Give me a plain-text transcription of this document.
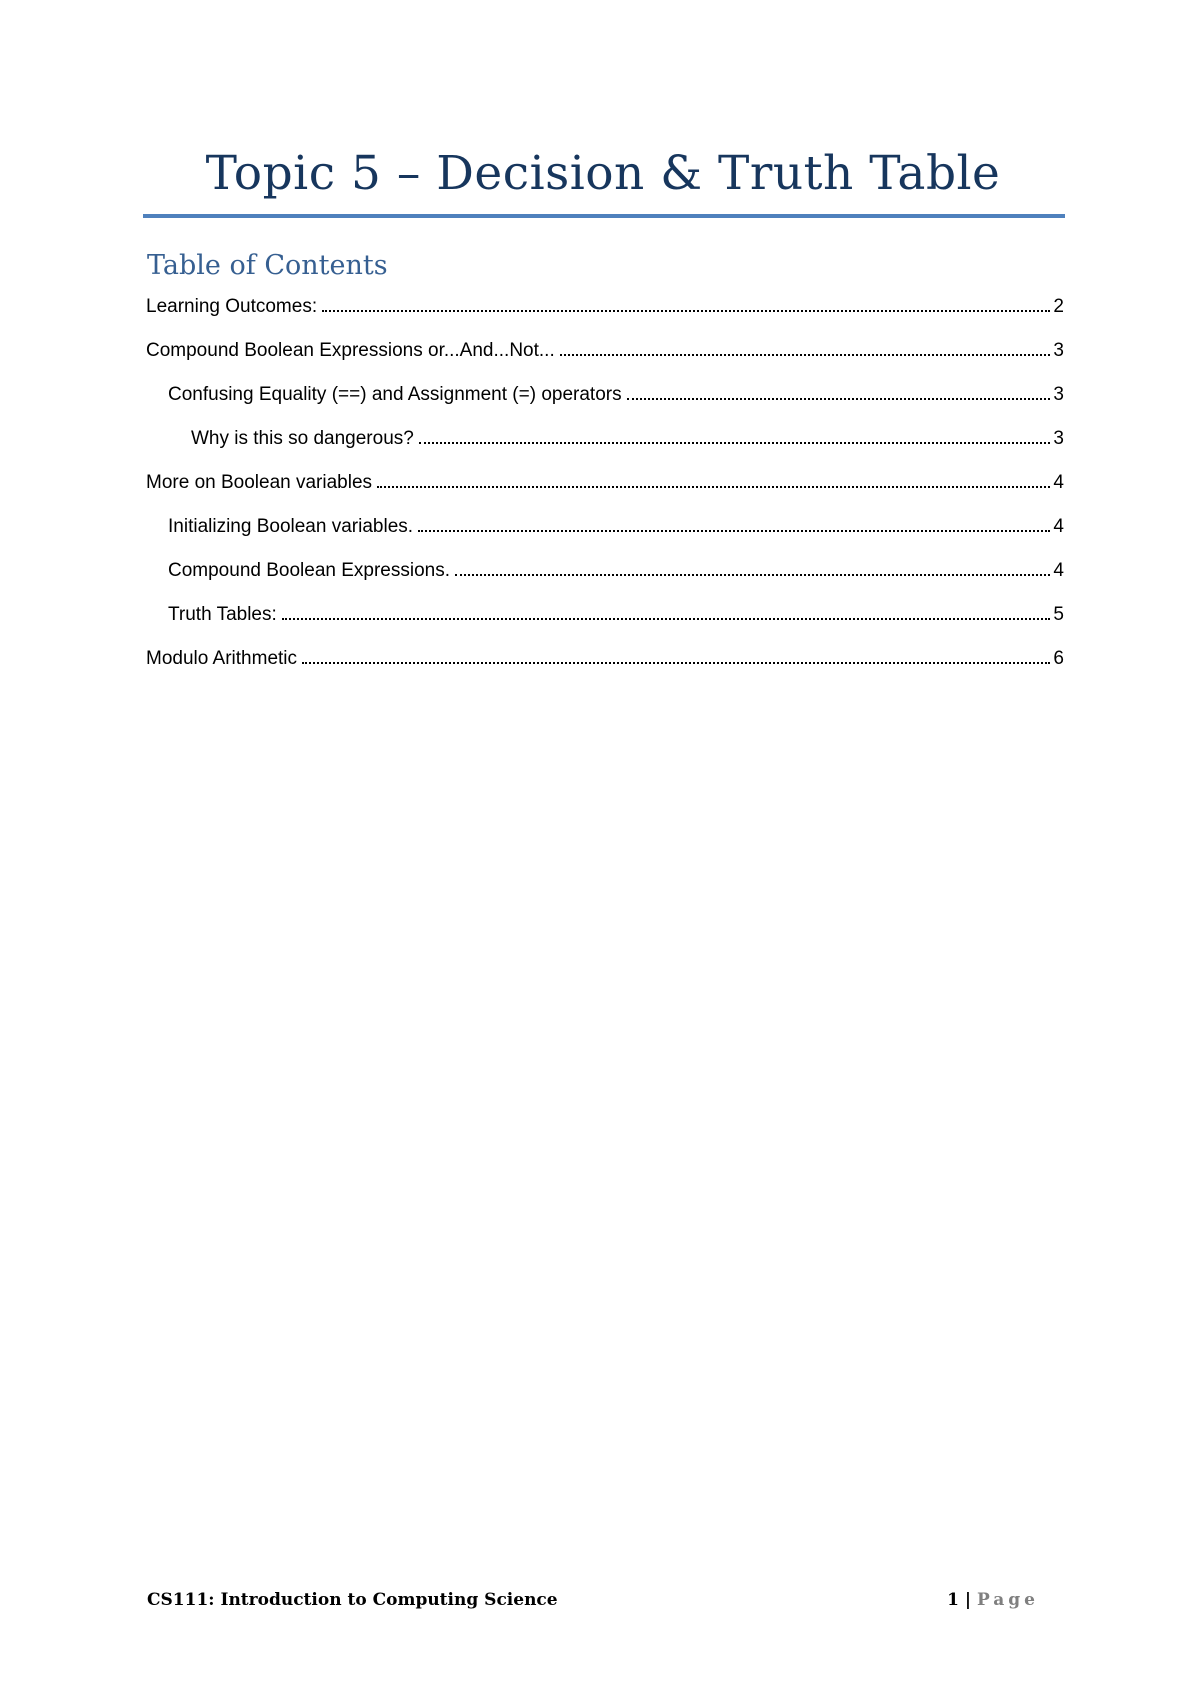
Topic 5 – Decision & Truth Table
Table of Contents
Learning Outcomes:	2
Compound Boolean Expressions or...And...Not...	3
Confusing Equality (==) and Assignment (=) operators	3
Why is this so dangerous?	3
More on Boolean variables	4
Initializing Boolean variables.	4
Compound Boolean Expressions.	4
Truth Tables:	5
Modulo Arithmetic	6
CS111: Introduction to Computing Science	1 | Page
